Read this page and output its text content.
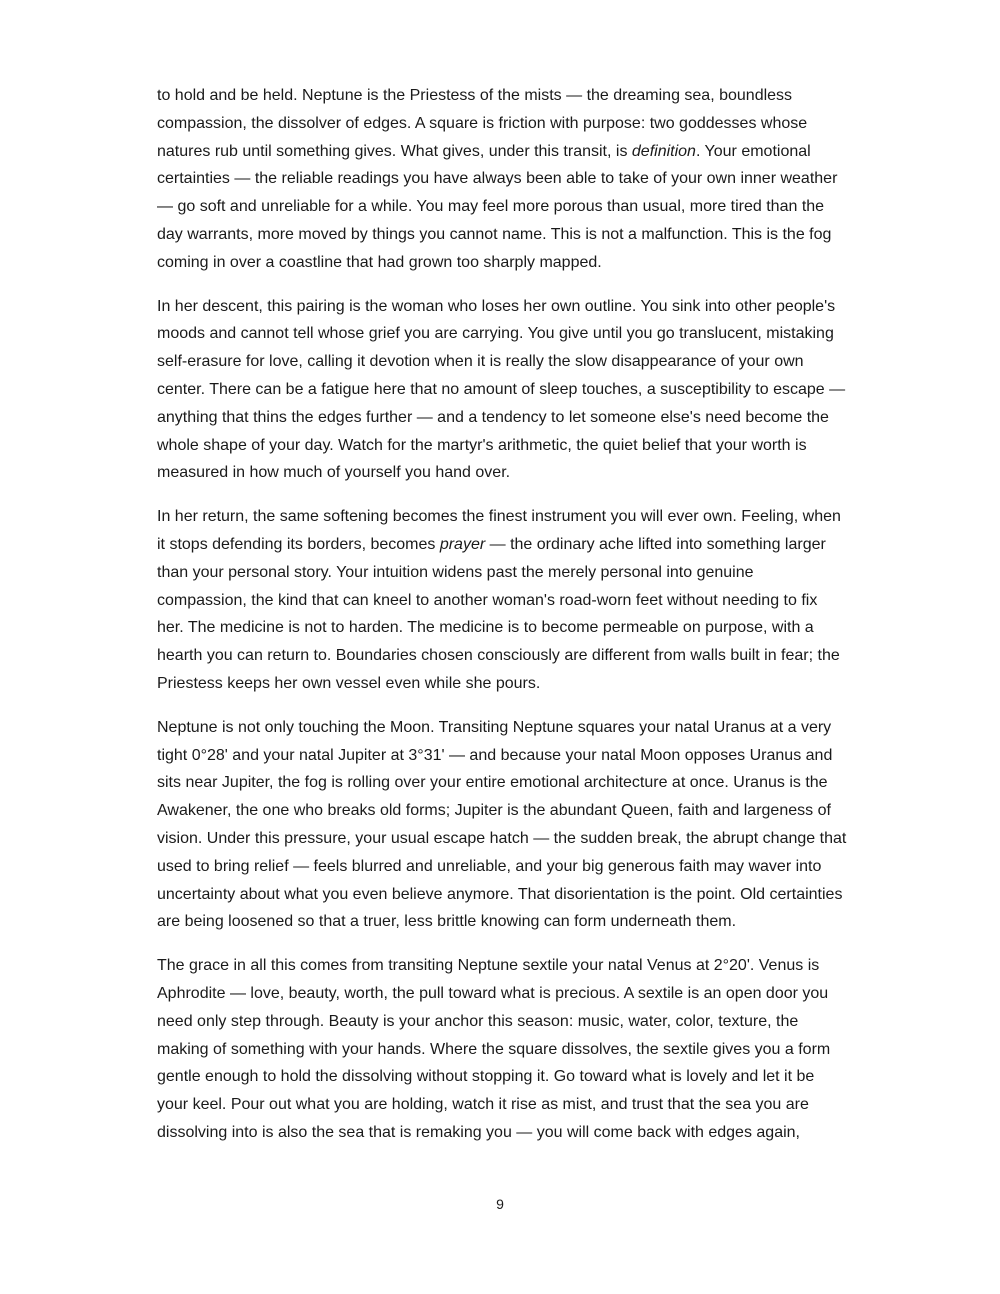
to hold and be held. Neptune is the Priestess of the mists — the dreaming sea, boundless compassion, the dissolver of edges. A square is friction with purpose: two goddesses whose natures rub until something gives. What gives, under this transit, is definition. Your emotional certainties — the reliable readings you have always been able to take of your own inner weather — go soft and unreliable for a while. You may feel more porous than usual, more tired than the day warrants, more moved by things you cannot name. This is not a malfunction. This is the fog coming in over a coastline that had grown too sharply mapped.

In her descent, this pairing is the woman who loses her own outline. You sink into other people's moods and cannot tell whose grief you are carrying. You give until you go translucent, mistaking self-erasure for love, calling it devotion when it is really the slow disappearance of your own center. There can be a fatigue here that no amount of sleep touches, a susceptibility to escape — anything that thins the edges further — and a tendency to let someone else's need become the whole shape of your day. Watch for the martyr's arithmetic, the quiet belief that your worth is measured in how much of yourself you hand over.

In her return, the same softening becomes the finest instrument you will ever own. Feeling, when it stops defending its borders, becomes prayer — the ordinary ache lifted into something larger than your personal story. Your intuition widens past the merely personal into genuine compassion, the kind that can kneel to another woman's road-worn feet without needing to fix her. The medicine is not to harden. The medicine is to become permeable on purpose, with a hearth you can return to. Boundaries chosen consciously are different from walls built in fear; the Priestess keeps her own vessel even while she pours.

Neptune is not only touching the Moon. Transiting Neptune squares your natal Uranus at a very tight 0°28' and your natal Jupiter at 3°31' — and because your natal Moon opposes Uranus and sits near Jupiter, the fog is rolling over your entire emotional architecture at once. Uranus is the Awakener, the one who breaks old forms; Jupiter is the abundant Queen, faith and largeness of vision. Under this pressure, your usual escape hatch — the sudden break, the abrupt change that used to bring relief — feels blurred and unreliable, and your big generous faith may waver into uncertainty about what you even believe anymore. That disorientation is the point. Old certainties are being loosened so that a truer, less brittle knowing can form underneath them.

The grace in all this comes from transiting Neptune sextile your natal Venus at 2°20'. Venus is Aphrodite — love, beauty, worth, the pull toward what is precious. A sextile is an open door you need only step through. Beauty is your anchor this season: music, water, color, texture, the making of something with your hands. Where the square dissolves, the sextile gives you a form gentle enough to hold the dissolving without stopping it. Go toward what is lovely and let it be your keel. Pour out what you are holding, watch it rise as mist, and trust that the sea you are dissolving into is also the sea that is remaking you — you will come back with edges again,

9
